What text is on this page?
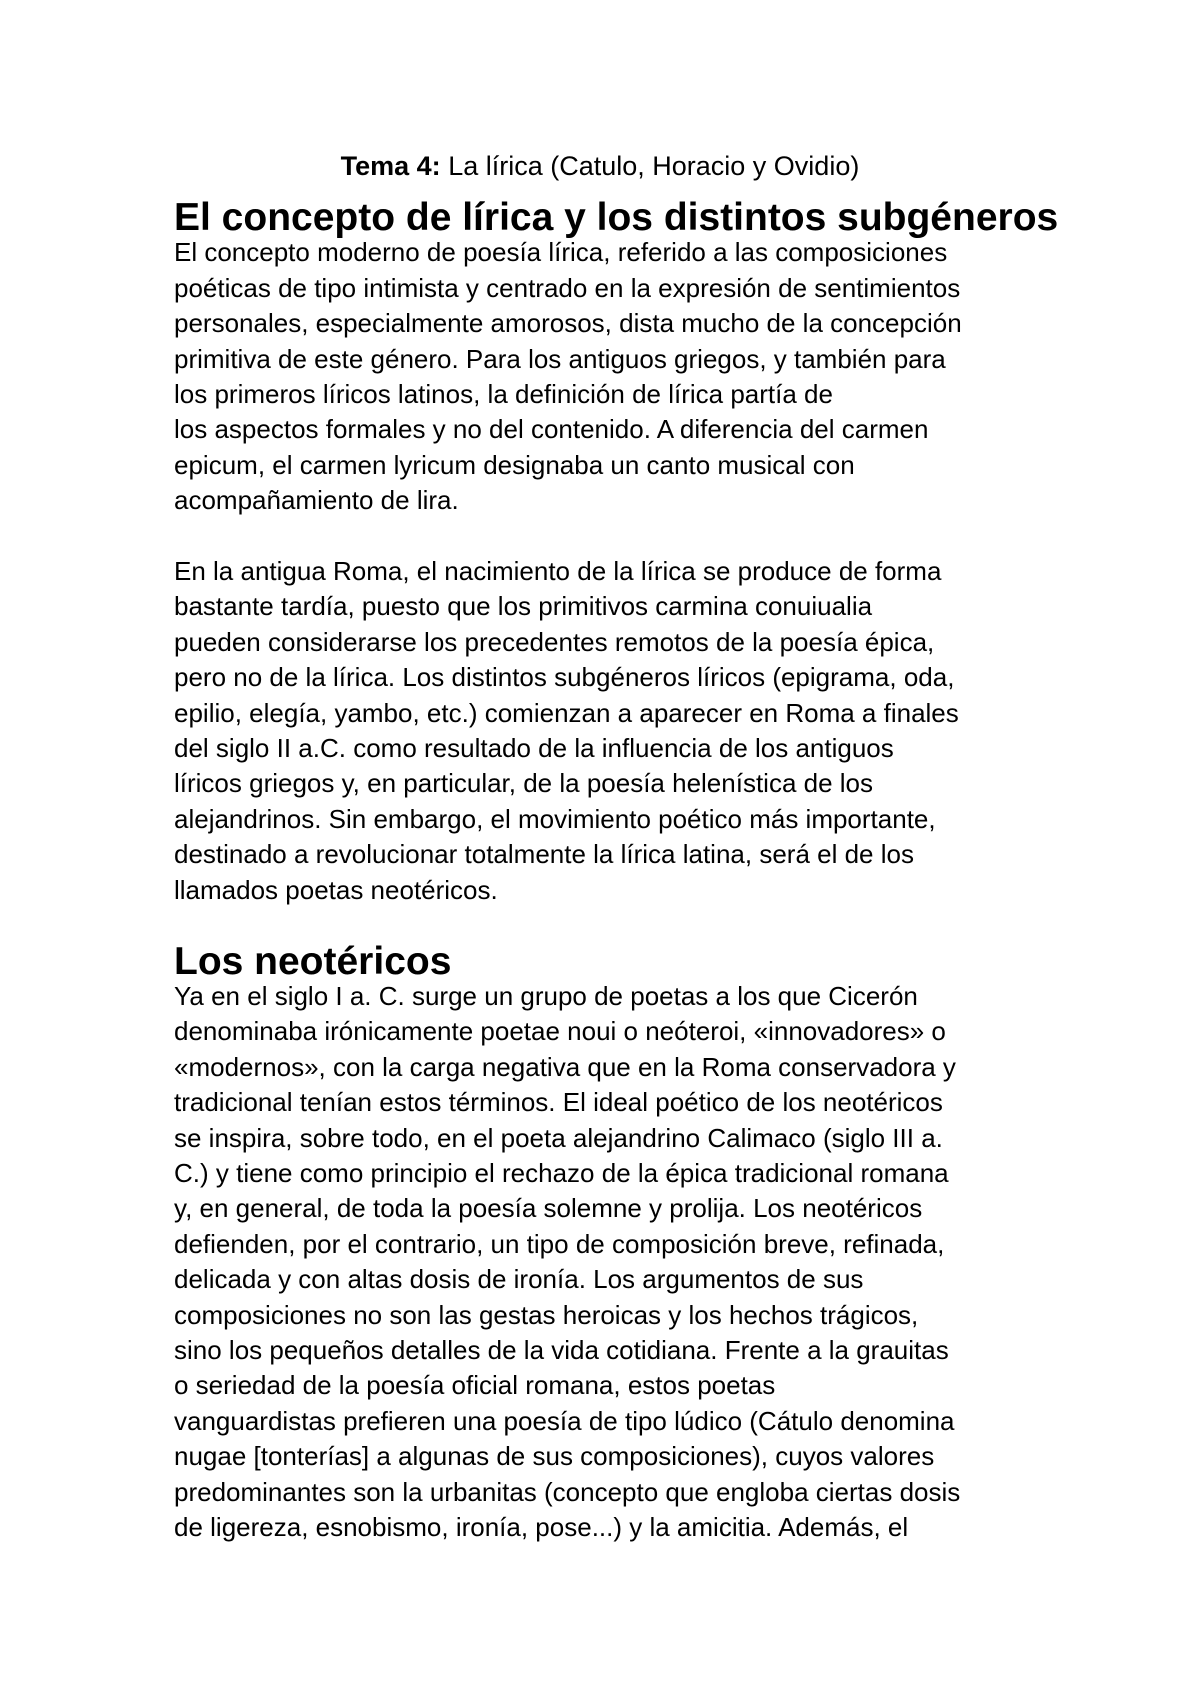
Tema 4: La lírica (Catulo, Horacio y Ovidio)
El concepto de lírica y los distintos subgéneros
El concepto moderno de poesía lírica, referido a las composiciones
poéticas de tipo intimista y centrado en la expresión de sentimientos
personales, especialmente amorosos, dista mucho de la concepción
primitiva de este género. Para los antiguos griegos, y también para
los primeros líricos latinos, la definición de lírica partía de
los aspectos formales y no del contenido. A diferencia del carmen
epicum, el carmen lyricum designaba un canto musical con
acompañamiento de lira.
En la antigua Roma, el nacimiento de la lírica se produce de forma
bastante tardía, puesto que los primitivos carmina conuiualia
pueden considerarse los precedentes remotos de la poesía épica,
pero no de la lírica. Los distintos subgéneros líricos (epigrama, oda,
epilio, elegía, yambo, etc.) comienzan a aparecer en Roma a finales
del siglo II a.C. como resultado de la influencia de los antiguos
líricos griegos y, en particular, de la poesía helenística de los
alejandrinos. Sin embargo, el movimiento poético más importante,
destinado a revolucionar totalmente la lírica latina, será el de los
llamados poetas neotéricos.
Los neotéricos
Ya en el siglo I a. C. surge un grupo de poetas a los que Cicerón
denominaba irónicamente poetae noui o neóteroi, «innovadores» o
«modernos», con la carga negativa que en la Roma conservadora y
tradicional tenían estos términos. El ideal poético de los neotéricos
se inspira, sobre todo, en el poeta alejandrino Calimaco (siglo III a.
C.) y tiene como principio el rechazo de la épica tradicional romana
y, en general, de toda la poesía solemne y prolija. Los neotéricos
defienden, por el contrario, un tipo de composición breve, refinada,
delicada y con altas dosis de ironía. Los argumentos de sus
composiciones no son las gestas heroicas y los hechos trágicos,
sino los pequeños detalles de la vida cotidiana. Frente a la grauitas
o seriedad de la poesía oficial romana, estos poetas
vanguardistas prefieren una poesía de tipo lúdico (Cátulo denomina
nugae [tonterías] a algunas de sus composiciones), cuyos valores
predominantes son la urbanitas (concepto que engloba ciertas dosis
de ligereza, esnobismo, ironía, pose...) y la amicitia. Además, el
